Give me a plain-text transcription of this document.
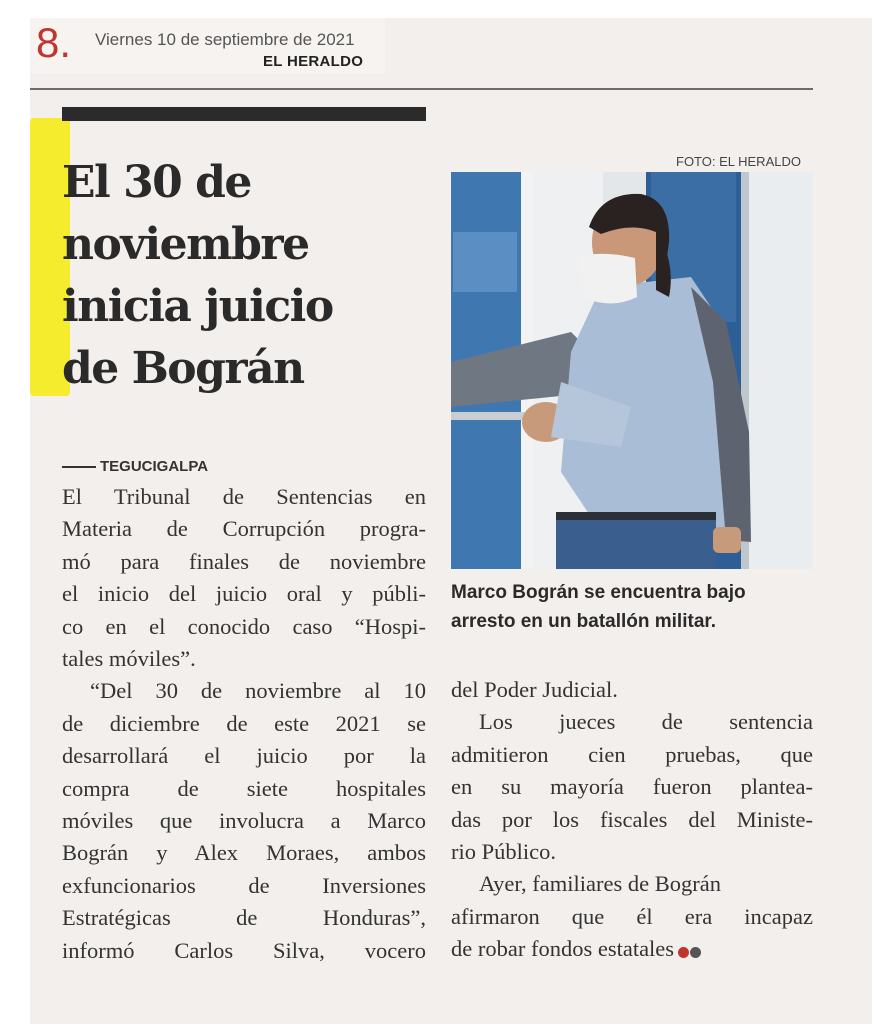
8. Viernes 10 de septiembre de 2021
EL HERALDO
El 30 de
noviembre
inicia juicio
de Bográn
TEGUCIGALPA
El Tribunal de Sentencias en
Materia de Corrupción progra-
mó para finales de noviembre
el inicio del juicio oral y públi-
co en el conocido caso “Hospi-
tales móviles”.
“Del 30 de noviembre al 10
de diciembre de este 2021 se
desarrollará el juicio por la
compra de siete hospitales
móviles que involucra a Marco
Bográn y Alex Moraes, ambos
exfuncionarios de Inversiones
Estratégicas de Honduras”,
informó Carlos Silva, vocero
FOTO: EL HERALDO
Marco Bográn se encuentra bajo
arresto en un batallón militar.
del Poder Judicial.
Los jueces de sentencia
admitieron cien pruebas, que
en su mayoría fueron plantea-
das por los fiscales del Ministe-
rio Público.
Ayer, familiares de Bográn
afirmaron que él era incapaz
de robar fondos estatales
